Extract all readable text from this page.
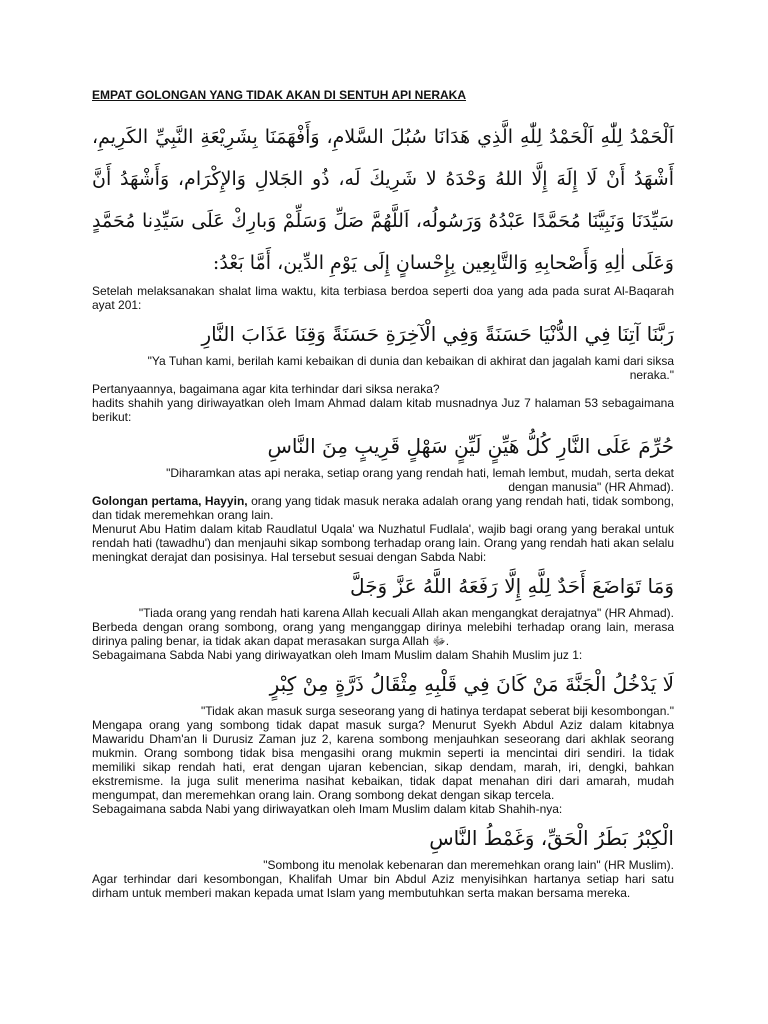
EMPAT GOLONGAN YANG TIDAK AKAN DI SENTUH API NERAKA

اَلْحَمْدُ لِلّٰهِ اَلْحَمْدُ لِلّٰهِ الَّذِي هَدَانَا سُبُلَ السَّلامِ، وَأَفْهَمَنَا بِشَرِيْعَةِ النَّبِيِّ الكَرِيمِ، أَشْهَدُ أَنْ لَا إِلَهَ إِلَّا اللهُ وَحْدَهُ لا شَرِيكَ لَه، ذُو الجَلالِ وَالإِكْرَام، وَأَشْهَدُ أَنَّ سَيِّدَنَا وَنَبِيَّنَا مُحَمَّدًا عَبْدُهُ وَرَسُولُه، اَللَّهُمَّ صَلِّ وَسَلِّمْ وَبارِكْ عَلَى سَيِّدِنا مُحَمَّدٍ وَعَلَى اٰلِهِ وَأَصْحابِهِ وَالتَّابِعِين بِإِحْسانٍ إِلَى يَوْمِ الدِّين، أَمَّا بَعْدُ:

Setelah melaksanakan shalat lima waktu, kita terbiasa berdoa seperti doa yang ada pada surat Al-Baqarah ayat 201:

رَبَّنَا آتِنَا فِي الدُّنْيَا حَسَنَةً وَفِي الْآخِرَةِ حَسَنَةً وَقِنَا عَذَابَ النَّارِ

"Ya Tuhan kami, berilah kami kebaikan di dunia dan kebaikan di akhirat dan jagalah kami dari siksa neraka."

Pertanyaannya, bagaimana agar kita terhindar dari siksa neraka?

hadits shahih yang diriwayatkan oleh Imam Ahmad dalam kitab musnadnya Juz 7 halaman 53 sebagaimana berikut:

حُرِّمَ عَلَى النَّارِ كُلُّ هَيِّنٍ لَيِّنٍ سَهْلٍ قَرِيبٍ مِنَ النَّاسِ

"Diharamkan atas api neraka, setiap orang yang rendah hati, lemah lembut, mudah, serta dekat dengan manusia" (HR Ahmad).

Golongan pertama, Hayyin, orang yang tidak masuk neraka adalah orang yang rendah hati, tidak sombong, dan tidak meremehkan orang lain.

Menurut Abu Hatim dalam kitab Raudlatul Uqala' wa Nuzhatul Fudlala', wajib bagi orang yang berakal untuk rendah hati (tawadhu') dan menjauhi sikap sombong terhadap orang lain. Orang yang rendah hati akan selalu meningkat derajat dan posisinya. Hal tersebut sesuai dengan Sabda Nabi:

وَمَا تَوَاضَعَ أَحَدٌ لِلَّهِ إِلَّا رَفَعَهُ اللَّهُ عَزَّ وَجَلَّ

"Tiada orang yang rendah hati karena Allah kecuali Allah akan mengangkat derajatnya" (HR Ahmad).

Berbeda dengan orang sombong, orang yang menganggap dirinya melebihi terhadap orang lain, merasa dirinya paling benar, ia tidak akan dapat merasakan surga Allah ﷻ.

Sebagaimana Sabda Nabi yang diriwayatkan oleh Imam Muslim dalam Shahih Muslim juz 1:

لَا يَدْخُلُ الْجَنَّةَ مَنْ كَانَ فِي قَلْبِهِ مِثْقَالُ ذَرَّةٍ مِنْ كِبْرٍ

"Tidak akan masuk surga seseorang yang di hatinya terdapat seberat biji kesombongan."

Mengapa orang yang sombong tidak dapat masuk surga? Menurut Syekh Abdul Aziz dalam kitabnya Mawaridu Dham'an li Durusiz Zaman juz 2, karena sombong menjauhkan seseorang dari akhlak seorang mukmin. Orang sombong tidak bisa mengasihi orang mukmin seperti ia mencintai diri sendiri. Ia tidak memiliki sikap rendah hati, erat dengan ujaran kebencian, sikap dendam, marah, iri, dengki, bahkan ekstremisme. Ia juga sulit menerima nasihat kebaikan, tidak dapat menahan diri dari amarah, mudah mengumpat, dan meremehkan orang lain. Orang sombong dekat dengan sikap tercela.

Sebagaimana sabda Nabi yang diriwayatkan oleh Imam Muslim dalam kitab Shahih-nya:

الْكِبْرُ بَطَرُ الْحَقِّ، وَغَمْطُ النَّاسِ

"Sombong itu menolak kebenaran dan meremehkan orang lain" (HR Muslim).

Agar terhindar dari kesombongan, Khalifah Umar bin Abdul Aziz menyisihkan hartanya setiap hari satu dirham untuk memberi makan kepada umat Islam yang membutuhkan serta makan bersama mereka.
